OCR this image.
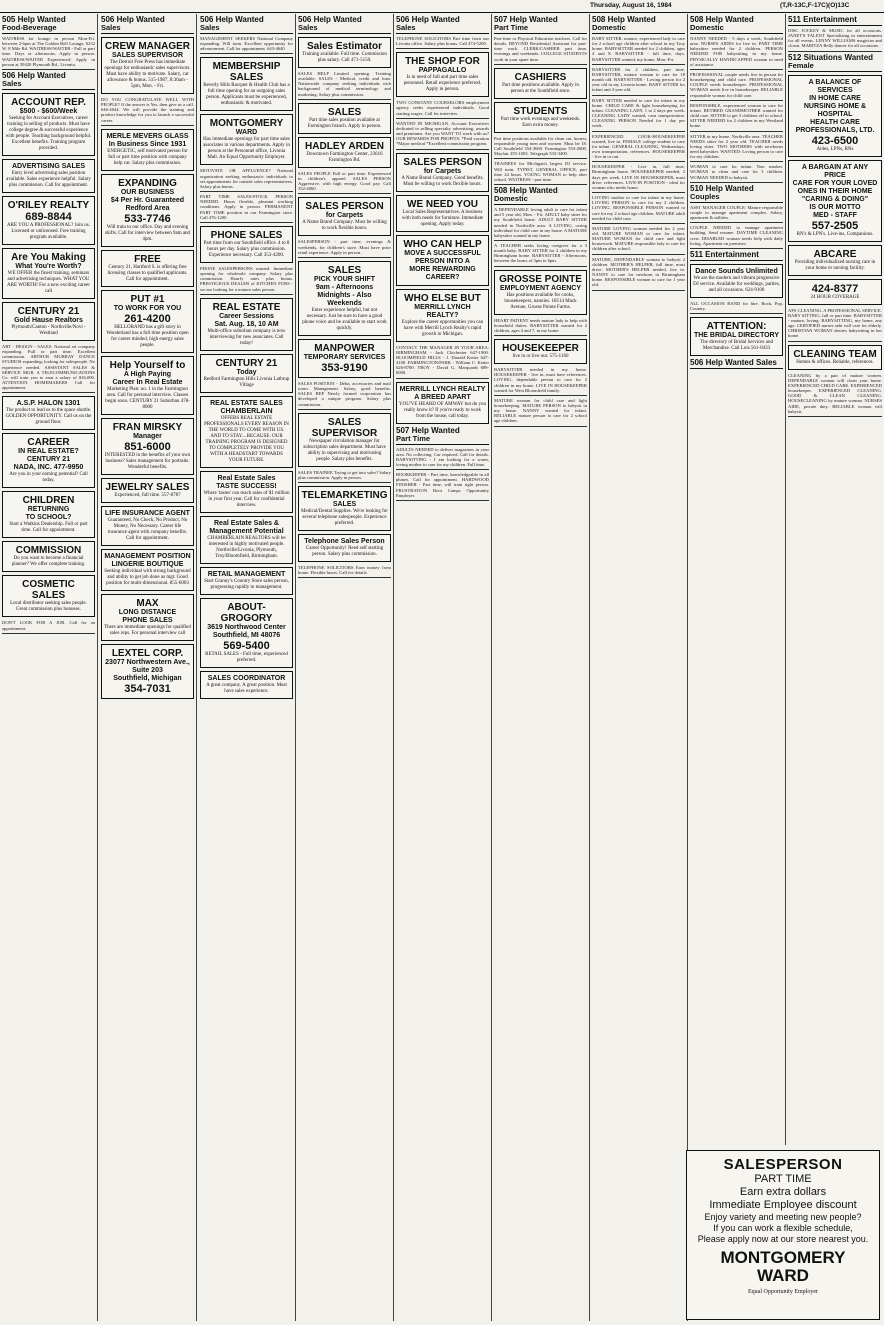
Thursday, August 16, 1984	(T,R-13C,F-17C)(O)13C
505 Help Wanted
Food-Beverage
WAITRESS for lounge in person Mon-Fri. between 2-6pm at The Golden Bell Lounge, 6232 W. 8 Mile Rd. WAITRESS/WAITER - Full or part time. Days or afternoons. Apply in person. WAITRESS/WAITER Experienced. Apply in person at 39420 Plymouth Rd., Livonia.
506 Help Wanted
Sales
ACCOUNT REP.
$500 - $600/Week
Seeking for Account Executives, career training in selling of products. Must have college degree & successful experience with people. Teaching background helpful. Excellent benefits. Training program provided.
ADVERTISING SALES
Entry level advertising sales position available. Sales experience helpful. Salary plus commission. Call for appointment.
O'RILEY REALTY
689-8844
ARE YOU A PROFESSIONAL? Join us. Licensed or unlicensed. Free training program available.
Are You Making
What You're Worth?
WE OFFER the finest training, seminars and advertising techniques. WHAT YOU ARE WORTH! For a new exciting career call
CENTURY 21
Gold Hause Realtors
Plymouth/Canton - Northville/Novi - Westland
ART - DESIGN - SALES. National art company expanding. Full or part time. Excellent commission. ARTHUR MURRAY DANCE STUDIOS expanding; looking for salespeople. No experience needed. ASSISTANT SALES & SERVICE MGR. A TELECOMMUNICATIONS Co. will train you to earn a salary of $16,000. ATTENTION HOMEMAKERS Call for appointment.
A.S.P. HALON 1301
The product to lead us to the space shuttle. GOLDEN OPPORTUNITY. Call us on the ground floor.
CAREER
IN REAL ESTATE?
CENTURY 21
NADA, INC. 477-9950
Are you in your earning potential? Call today.
CHILDREN
RETURNING
TO SCHOOL?
Start a Watkins Dealership. Full or part time. Call for appointment.
COMMISSION
Do you want to become a financial planner? We offer complete training.
COSMETIC SALES
Local distributor seeking sales people. Great commission plus bonuses.
DON'T LOOK FOR A JOB. Call for an appointment.
506 Help Wanted
Sales
CREW MANAGER
SALES SUPERVISOR
The Detroit Free Press has immediate openings for enthusiastic sales supervisors. Must have ability to motivate. Salary, car allowance & bonus. 515-1987, 8:30am - 5pm, Mon. - Fri.
DO YOU CONGRATULATE WELL WITH PEOPLE? If the answer is Yes, then give us a call. 646-4044. We will provide the training and product knowledge for you to launch a successful career.
MERLE MEVERS GLASS
In Business Since 1931
ENERGETIC, self motivated person for full or part time position with company help car. Salary plus commission.
EXPANDING
OUR BUSINESS
$4 Per Hr. Guaranteed
Redford Area
533-7746
Will train to our office. Day and evening shifts. Call for interview between 9am and 4pm.
FREE
Century 21, Hartford S. is offering free licensing classes to qualified applicants. Call for appointment.
PUT #1
TO WORK FOR YOU
261-4200
HELLOBAND has a gift story in Wonderland has a full time position open for career minded, high energy sales people.
Help Yourself to
A High Paying
Career In Real Estate
Marketing Plan: no. 1 in the Farmington area. Call for personal interview. Classes begin soon. CENTURY 21 Suburban 478-8000
FRAN MIRSKY
Manager
851-6000
INTERESTED in the benefits of your own business? Sales management for portraits. Wonderful benefits.
JEWELRY SALES
Experienced, full time. 557-8787
LIFE INSURANCE AGENT
Guaranteed, No Check, No Product, No Money, No Necessary. Career life insurance agent with company benefits. Call for appointment.
MANAGEMENT POSITION
LINGERIE BOUTIQUE
Seeking individual with strong background and ability to get job done as mgr. Good position for multi-dimensional. 855-6003
MAX
LONG DISTANCE
PHONE SALES
There are immediate openings for qualified sales reps. For personal interview call
LEXTEL CORP.
23077 Northwestern Ave.,
Suite 203
Southfield, Michigan
354-7031
506 Help Wanted
Sales
MANAGEMENT SEEKERS National Company expanding. Will train. Excellent opportunity for advancement. Call for appointment. 643-4640
MEMBERSHIP SALES
Beverly Hills Racquet & Health Club has a full time opening for an outgoing sales person. Applicants must be experienced, enthusiastic & motivated.
MONTGOMERY
WARD
Has immediate openings for part time sales associates in various departments. Apply in person at the Personnel office, Livonia Mall. An Equal Opportunity Employer.
MOTIVATE OR AFFLUENCE? National organization seeking enthusiastic individuals to set appointments for outside sales representatives. Salary plus bonus.
PART TIME SALES/STOCK PERSON NEEDED. Hours flexible, pleasant working conditions. Apply in person. PERMANENT PART TIME position in our Farmington store. Call 476-1200.
PHONE SALES
Part time from our Southfield office. 4 to 8 hours per day. Salary plus commission. Experience necessary. Call 353-4200.
PHONE SALESPERSONS wanted. Immediate opening for wholesale company. Salary plus commission. Hourly rates plus bonus. PRESTIGIOUS DEALER of KITCHEN FURS - we are looking for a mature sales person.
REAL ESTATE
Career Sessions
Sat. Aug. 18, 10 AM
Multi-office suburban company is now interviewing for new associates. Call today!
CENTURY 21
Today
Redford Farmington Hills Livonia Lathrup Village
REAL ESTATE SALES
CHAMBERLAIN
OFFERS REAL ESTATE PROFESSIONALS EVERY REASON IN THE WORLD TO COME WITH US. AND TO STAY....BECAUSE: OUR TRAINING PROGRAM IS DESIGNED TO COMPLETELY PROVIDE YOU WITH A HEADSTART TOWARDS YOUR FUTURE.
Real Estate Sales
TASTE SUCCESS!
Where 'tastes' can reach sales of $1 million in your first year. Call for confidential interview.
Real Estate Sales &
Management Potential
CHAMBERLAIN REALTORS will be interested in highly motivated people. Northville/Livonia, Plymouth, Troy/Bloomfield, Birmingham.
RETAIL MANAGEMENT
Start Granny's Country Store sales person, progressing rapidly to management.
ABOUT-GROGORY
3619 Northwood Center
Southfield, MI 48076
569-5400
RETAIL SALES - Full time, experienced preferred.
SALES COORDINATOR
A great company. A great position. Must have sales experience.
506 Help Wanted
Sales
Sales Estimator
Training available. Full time. Commission plus salary. Call 471-5150.
SALES HELP Limited opening. Training available. SALES - Medical, credit and loan. Nationwide company seeking individuals with background of medical terminology and marketing. Salary plus commission.
SALES
Part time sales position available at Farmington branch. Apply in person.
HADLEY ARDEN
Downtown Farmington Center, 23616 Farmington Rd.
SALES PEOPLE Full or part time. Experienced in children's apparel. SALES PERSON Aggressive, with high energy. Good pay. Call 352-4060.
SALES PERSON
for Carpets
A Name Brand Company. Must be willing to work flexible hours.
SALESPERSON - part time, evenings & weekends, for children's store. Must have prior retail experience. Apply in person.
SALES
PICK YOUR SHIFT
9am - Afternoons
Midnights - Also Weekends
Enter experience helpful, but not necessary. Just be sure to have a good phone voice and be available to start work quickly.
MANPOWER
TEMPORARY SERVICES
353-9190
SALES POSITION - Delta, accessories and mail room. Management. Salary, good benefits. SALES REP Newly formed corporation has developed a unique program. Salary plus commission.
SALES SUPERVISOR
Newspaper circulation manager for subscription sales department. Must have ability in supervising and motivating people. Salary plus benefits.
SALES TRAINEE Trying to get into sales? Salary plus commission. Apply in person.
TELEMARKETING
SALES
Medical/Dental Supplies. We're looking for several telephone salespeople. Experience preferred.
Telephone Sales Person
Career Opportunity! Need self starting person. Salary plus commission.
TELEPHONE SOLICITORS Earn money from home. Flexible hours. Call for details.
506 Help Wanted
Sales
TELEPHONE SOLICITORS Part time from our Livonia office. Salary plus bonus. Call 474-5200.
THE SHOP FOR
PAPPAGALLO
Is in need of full and part time sales personnel. Retail experience preferred. Apply in person.
TWO CONSTANT COURSELORS employment agency seeks experienced individuals. Good starting wages. Call for interview.
WANTED IN MICHIGAN. Account Executives dedicated to selling specialty advertising, awards and premiums. Are you WANT TO work with us? OUR REWARDS FOR PROFITS: *Paid vacation *Major medical *Excellent commission program.
SALES PERSON
for Carpets
A Name Brand Company. Good benefits. Must be willing to work flexible hours.
WE NEED YOU
Local Sales Representatives. A business with both needs for furniture. Immediate opening. Apply today.
WHO CAN HELP
MOVE A SUCCESSFUL
PERSON INTO A
MORE REWARDING
CAREER?
WHO ELSE BUT
MERRILL LYNCH REALTY?
Explore the career opportunities you can have with Merrill Lynch Realty's rapid growth in Michigan.
CONTACT THE MANAGER IN YOUR AREA: BIRMINGHAM - Jack Chichester 647-1900. BLOOMFIELD HILLS - J. Donald Ketter 647-4100. FARMINGTON/PARK - William C. Ketter 626-8700. TROY - David G. Marquardt 689-6000.
MERRILL LYNCH REALTY
A BREED APART
YOU'VE HEARD OF AMWAY but do you really know it? If you're ready to work from the house, call today.
507 Help Wanted
Part Time
ADULTS NEEDED to deliver magazines in your area. No collecting. Car required. Call for details. BABYSITTING - I am looking for a warm, loving mother to care for my children. Full time.
BOOKKEEPER - Part time, knowledgeable in all phases. Call for appointment. HARDWOOD FINISHER - Part time, will train right person. FRUSTRATION Boot Camps Opportunity Employer.
507 Help Wanted
Part Time
Part-time or Physical Education teachers. Call for details. BEYOND Residential Assistant for part-time work. CLERK/CASHIER part time, evenings and weekends. COLLEGE STUDENTS work in your spare time.
CASHIERS
Part time positions available. Apply in person at the Southfield store.
STUDENTS
Part time work evenings and weekends. Earn extra money.
Part time positions available for clean cut, honest, responsible young men and women. Must be 18. Call Southfield 354-3660. Farmington 553-2600. Mayfair 255-1003. Telegraph 533-3400.
TRAINEES for Michigan's largest DJ service. Will train. TYPIST, GENERAL OFFICE, part time 24 hours. YOUNG WOMAN to help after school. WAITRESS - part time.
508 Help Wanted
Domestic
A DEPENDABLE loving adult to care for infant and 5 year old, Mon. - Fri. ADULT baby sitter for my Southfield home. ADULT BABY SITTER needed in Northville area. A LOVING, caring individual for child care in my home. A MATURE babysitter wanted in my home.
A TEACHER seeks loving caregiver for a 3 month baby. BABY SITTER for 2 children in my Birmingham home. BABYSITTER - Afternoons, between the hours of 3pm to 6pm.
GROSSE POINTE
EMPLOYMENT AGENCY
Has positions available for cooks, housekeepers, nannies. 18514 Mack Avenue, Grosse Pointe Farms.
HEART PATIENT needs mature lady to help with household duties. BABYSITTER wanted for 2 children, ages 4 and 7, in my home.
HOUSEKEEPER
live in or live out. 575-1160
BABYSITTER needed in my home. HOUSEKEEPER - live in, must have references. LOVING, dependable person to care for 2 children in my home. LIVE IN HOUSEKEEPER wanted for West Bloomfield family.
MATURE woman for child care and light housekeeping. MATURE PERSON to babysit in my home. NANNY wanted for infant. RELIABLE mature person to care for 2 school age children.
508 Help Wanted
Domestic
BABY SITTER, mature, experienced lady to care for 2 school age children after school in my Troy home. BABYSITTER needed for 2 children, ages 4 and 8. BABYSITTER - full time, days. BABYSITTER wanted, my home, Mon.-Fri.
BABYSITTER for 2 children, part time. BABYSITTER, mature woman to care for 18 month old. BABYSITTER - Loving person for 2 year old in my Livonia home. BABY SITTER for infant and 4 year old.
BABY SITTER needed to care for infant in my home. CHILD CARE & light housekeeping for infant. CLEANING LADY, 1 to 2 days per week. CLEANING LADY wanted, own transportation. CLEANING PERSON Needed for 1 day per week.
EXPERIENCED COOK-HOUSEKEEPER wanted, live in. FEMALE college student to care for infant. GENERAL CLEANING, Wednesdays, own transportation, references. HOUSEKEEPER - live in or out.
HOUSEKEEPER - Live in, full time, Birmingham home. HOUSEKEEPER needed, 2 days per week. LIVE IN HOUSEKEEPER, must drive, references. LIVE-IN POSITION - ideal for woman who needs home.
LOVING mother to care for infant in my home. LOVING PERSON to care for my 2 children. LOVING, RESPONSIBLE PERSON wanted to care for my 2 school age children. MATURE adult needed for child care.
MATURE LOVING woman needed for 2 year old. MATURE WOMAN to care for infant. MATURE WOMAN for child care and light housework. MATURE responsible lady to care for children after school.
MATURE, DEPENDABLE woman to babysit 2 children. MOTHER'S HELPER, full time, must drive. MOTHER'S HELPER needed, live in. NANNY to care for newborn in Birmingham home. RESPONSIBLE woman to care for 1 year old.
508 Help Wanted
Domestic
NANNY NEEDED - 5 days a week, Southfield area. NURSES AIDES for live in. PART TIME babysitter needed for 2 children. PERSON NEEDED FOR babysitting in my home. PHYSICALLY HANDICAPPED woman in need of assistance.
PROFESSIONAL couple needs live in person for housekeeping and child care. PROFESSIONAL COUPLE needs housekeeper. PROFESSIONAL WOMAN needs live in housekeeper. RELIABLE responsible woman for child care.
RESPONSIBLE, experienced woman to care for infant. RETIRED GRANDMOTHER wanted for child care. SITTER to get 3 children off to school. SITTER NEEDED for 2 children in my Westland home.
SITTER in my home, Northville area. TEACHER NEEDS sitter for 2 year old. TEACHER needs loving sitter. TWO MOTHERS with newborns need babysitter. WANTED: Loving person to care for my children.
WOMAN to care for infant. Non smoker. WOMAN to clean and care for 3 children. WOMAN NEEDED to babysit.
510 Help Wanted
Couples
ASST MANAGER COUPLE: Mature responsible couple to manage apartment complex. Salary, apartment & utilities.
COUPLE NEEDED to manage apartment building. Send resume. DAYTIME CLEANING crew. DISABLED woman needs help with daily living. Apartment on premises.
511 Entertainment
Dance Sounds Unlimited
We are the modern and vibrant progressive DJ service. Available for weddings, parties, and all occasions. 624-9100
ALL OCCASION BAND for hire. Rock, Pop, Country.
ATTENTION:
THE BRIDAL DIRECTORY
The directory of Bridal Services and Merchandise. Call Lois 561-0433
506 Help Wanted Sales
511 Entertainment
DISC JOCKEY & MUSIC for all occasions. JANET'S TALENT Specializing in entertainment for all events. LENNY WILLIAMS magician and clown. MARITZA Belly dancer for all occasions.
512 Situations Wanted
Female
A BALANCE OF SERVICES
IN HOME CARE
NURSING HOME & HOSPITAL
HEALTH CARE
PROFESSIONALS, LTD.
423-6500
Aides, LPNs, RNs
A BARGAIN AT ANY PRICE
CARE FOR YOUR LOVED
ONES IN THEIR HOME
"CARING & DOING"
IS OUR MOTTO
MED - STAFF
557-2505
RN's & LPN's. Live-ins, Companions.
ABCARE
Providing individualized nursing care in your home or nursing facility.
424-8377
24 HOUR COVERAGE
AFS CLEANING. A PROFESSIONAL SERVICE. BABY SITTING, full or part time. BABYSITTER - mature, loving. BABYSITTING, my home, any age. CERTIFIED nurses aide will care for elderly. CHRISTIAN WOMAN desires babysitting in her home.
CLEANING TEAM
Homes & offices. Reliable, references.
CLEANING by a pair of mature women. DEPENDABLE woman will clean your home. EXPERIENCED CHILD CARE. EXPERIENCED housekeeper. EXPERIENCED CLEANING. GOOD & CLEAN CLEANING. HOUSECLEANING by mature woman. NURSES AIDE, private duty. RELIABLE woman will babysit.
SALESPERSON
PART TIME
Earn extra dollars
Immediate Employee discount
Enjoy variety and meeting new people?
If you can work a flexible schedule,
Please apply now at our store nearest you.
MONTGOMERY
WARD
Equal Opportunity Employer
